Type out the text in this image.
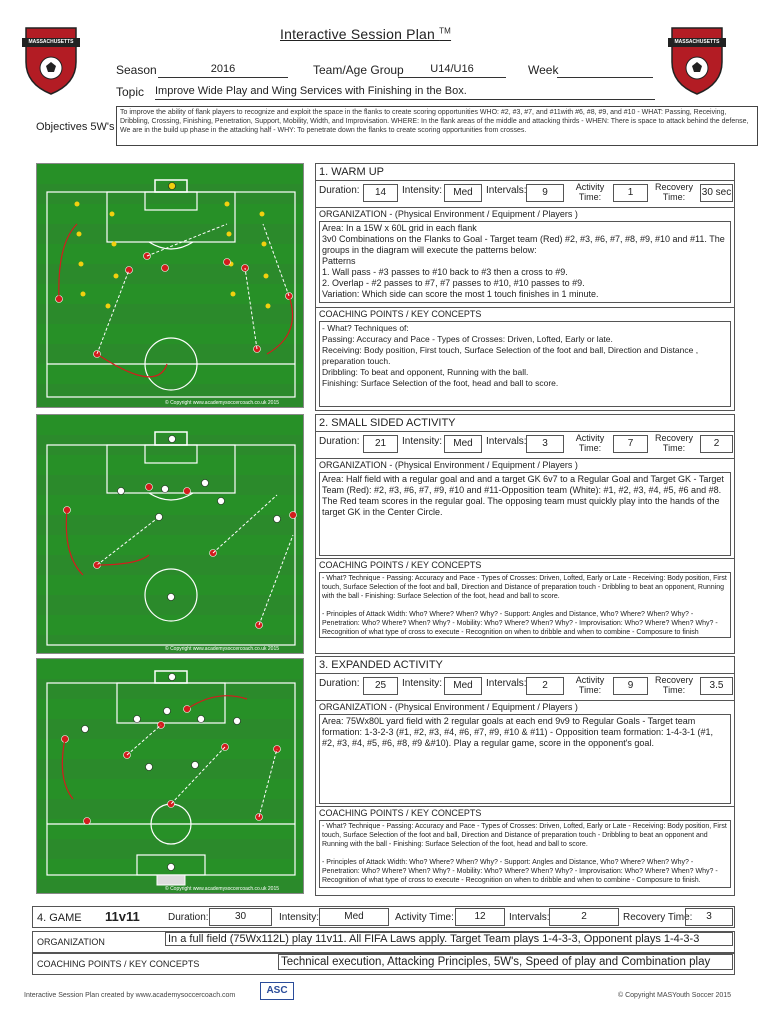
Interactive Session Plan ™
MASSACHUSETTS	MASSACHUSETTS
Season	2016	Team/Age Group	U14/U16	Week
Topic Improve Wide Play and Wing Services with Finishing in the Box.
Objectives 5W's
To improve the ability of flank players to recognize and exploit the space in the flanks to create scoring opportunities WHO: #2, #3, #7, and #11with #6, #8, #9, and #10 - WHAT: Passing, Receiving, Dribbling, Crossing, Finishing, Penetration, Support, Mobility, Width, and Improvisation. WHERE: In the flank areas of the middle and attacking thirds - WHEN: There is space to attack behind the defense, We are in the build up phase in the attacking half - WHY: To penetrate down the flanks to create scoring opportunities from crosses.
© Copyright www.academysoccercoach.co.uk 2015
© Copyright www.academysoccercoach.co.uk 2015
© Copyright www.academysoccercoach.co.uk 2015
1. WARM UP
Duration:	14	Intensity:	Med	Intervals:	9	Activity Time:	1	Recovery Time:	30 sec
ORGANIZATION - (Physical Environment / Equipment / Players )
Area: In a 15W x 60L grid in each flank
3v0 Combinations on the Flanks to Goal - Target team (Red) #2, #3, #6, #7, #8, #9, #10 and #11. The groups in the diagram will execute the patterns below:
Patterns
1. Wall pass - #3 passes to #10 back to #3 then a cross to #9.
2. Overlap - #2 passes to #7, #7 passes to #10, #10 passes to #9.
Variation: Which side can score the most 1 touch finishes in 1 minute.
COACHING POINTS / KEY CONCEPTS
- What? Techniques of:
Passing: Accuracy and Pace - Types of Crosses: Driven, Lofted, Early or late.
Receiving: Body position, First touch, Surface Selection of the foot and ball, Direction and Distance ,
preparation touch.
Dribbling: To beat and opponent, Running with the ball.
Finishing: Surface Selection of the foot, head and ball to score.
2. SMALL SIDED ACTIVITY
Duration:	21	Intensity:	Med	Intervals:	3	Activity Time:	7	Recovery Time:	2
ORGANIZATION - (Physical Environment / Equipment / Players )
Area: Half field with a regular goal and and a target GK 6v7 to a Regular Goal and Target GK - Target Team (Red): #2, #3, #6, #7, #9, #10 and #11-Opposition team (White): #1, #2, #3, #4, #5, #6 and #8. The Red team scores in the regular goal. The opposing team must quickly play into the hands of the target GK in the Center Circle.
COACHING POINTS / KEY CONCEPTS
- What? Technique - Passing: Accuracy and Pace - Types of Crosses: Driven, Lofted, Early or Late - Receiving: Body position, First touch, Surface Selection of the foot and ball, Direction and Distance of preparation touch - Dribbling to beat an opponent, Running with the ball - Finishing: Surface Selection of the foot, head and ball to score.

- Principles of Attack Width: Who? Where? When? Why? - Support: Angles and Distance, Who? Where? When? Why? - Penetration: Who? Where? When? Why? - Mobility: Who? Where? When? Why? - Improvisation: Who? Where? When? Why? - Recognition of what type of cross to execute - Recognition on when to dribble and when to combine - Composure to finish
3. EXPANDED ACTIVITY
Duration:	25	Intensity:	Med	Intervals:	2	Activity Time:	9	Recovery Time:	3.5
ORGANIZATION - (Physical Environment / Equipment / Players )
Area: 75Wx80L yard field with 2 regular goals at each end 9v9 to Regular Goals - Target team formation: 1-3-2-3 (#1, #2, #3, #4, #6, #7, #9, #10 & #11) - Opposition team formation: 1-4-3-1 (#1, #2, #3, #4, #5, #6, #8, #9 &#10). Play a regular game, score in the opponent's goal.
COACHING POINTS / KEY CONCEPTS
- What? Technique - Passing: Accuracy and Pace - Types of Crosses: Driven, Lofted, Early or Late - Receiving: Body position, First touch, Surface Selection of the foot and ball, Direction and Distance of preparation touch - Dribbling to beat an opponent and Running with the ball - Finishing: Surface Selection of the foot, head and ball to score.

- Principles of Attack Width: Who? Where? When? Why? - Support: Angles and Distance, Who? Where? When? Why? - Penetration: Who? Where? When? Why? - Mobility: Who? Where? When? Why? - Improvisation: Who? Where? When? Why? - Recognition of what type of cross to execute - Recognition on when to dribble and when to combine - Composure to finish.
4. GAME 11v11	Duration:	30	Intensity:	Med	Activity Time:	12	Intervals:	2	Recovery Time:	3
ORGANIZATION	In a full field (75Wx112L) play 11v11. All FIFA Laws apply. Target Team plays 1-4-3-3, Opponent plays 1-4-3-3
COACHING POINTS / KEY CONCEPTS	Technical execution, Attacking Principles, 5W's, Speed of play and Combination play
Interactive Session Plan created by www.academysoccercoach.com	ASC	© Copyright MASYouth Soccer 2015
